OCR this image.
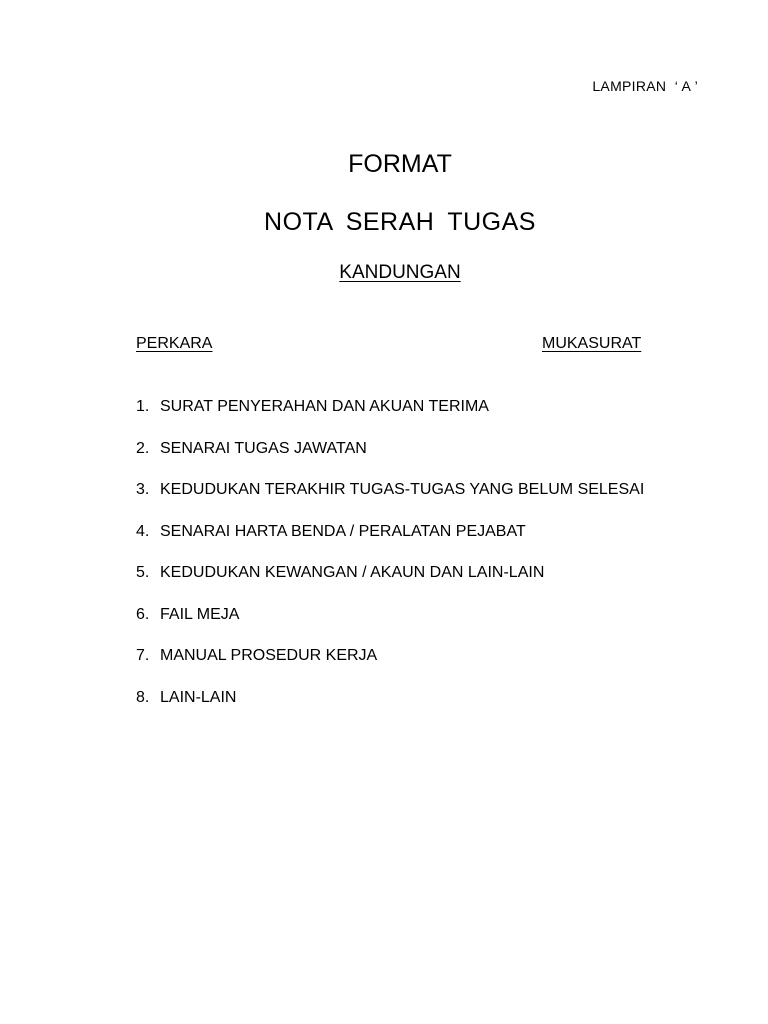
LAMPIRAN  ‘ A ’
FORMAT
NOTA SERAH TUGAS
KANDUNGAN
PERKARA	MUKASURAT
1. SURAT PENYERAHAN DAN AKUAN TERIMA
2. SENARAI TUGAS JAWATAN
3. KEDUDUKAN TERAKHIR TUGAS-TUGAS YANG BELUM SELESAI
4. SENARAI HARTA BENDA / PERALATAN PEJABAT
5. KEDUDUKAN KEWANGAN / AKAUN DAN LAIN-LAIN
6. FAIL MEJA
7. MANUAL PROSEDUR KERJA
8. LAIN-LAIN
